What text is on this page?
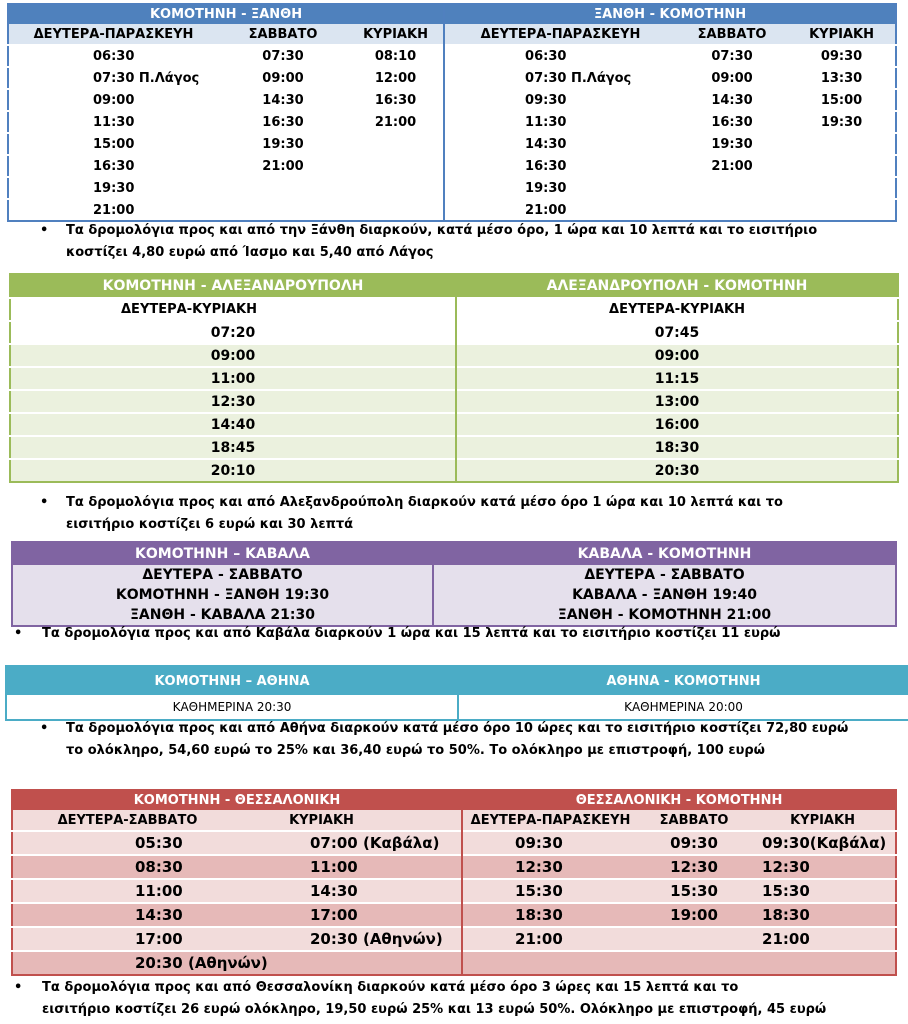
ΚΟΜΟΤΗΝΗ - ΞΑΝΘΗ			ΞΑΝΘΗ - ΚΟΜΟΤΗΝΗ		
ΔΕΥΤΕΡΑ-ΠΑΡΑΣΚΕΥΗ	ΣΑΒΒΑΤΟ	ΚΥΡΙΑΚΗ	ΔΕΥΤΕΡΑ-ΠΑΡΑΣΚΕΥΗ	ΣΑΒΒΑΤΟ	ΚΥΡΙΑΚΗ
06:30	07:30	08:10	06:30	07:30	09:30
07:30 Π.Λάγος	09:00	12:00	07:30 Π.Λάγος	09:00	13:30
09:00	14:30	16:30	09:30	14:30	15:00
11:30	16:30	21:00	11:30	16:30	19:30
15:00	19:30		14:30	19:30	
16:30	21:00		16:30	21:00	
19:30			19:30		
21:00			21:00		
• Τα δρομολόγια προς και από την Ξάνθη διαρκούν, κατά μέσο όρο, 1 ώρα και 10 λεπτά και το εισιτήριο
κοστίζει 4,80 ευρώ από Ίασμο και 5,40 από Λάγος
ΚΟΜΟΤΗΝΗ - ΑΛΕΞΑΝΔΡΟΥΠΟΛΗ	ΑΛΕΞΑΝΔΡΟΥΠΟΛΗ - ΚΟΜΟΤΗΝΗ
ΔΕΥΤΕΡΑ-ΚΥΡΙΑΚΗ	ΔΕΥΤΕΡΑ-ΚΥΡΙΑΚΗ
07:20	07:45
09:00	09:00
11:00	11:15
12:30	13:00
14:40	16:00
18:45	18:30
20:10	20:30
• Τα δρομολόγια προς και από Αλεξανδρούπολη διαρκούν κατά μέσο όρο 1 ώρα και 10 λεπτά και το
εισιτήριο κοστίζει 6 ευρώ και 30 λεπτά
ΚΟΜΟΤΗΝΗ – ΚΑΒΑΛΑ	ΚΑΒΑΛΑ - ΚΟΜΟΤΗΝΗ
ΔΕΥΤΕΡΑ - ΣΑΒΒΑΤΟ	ΔΕΥΤΕΡΑ - ΣΑΒΒΑΤΟ
ΚΟΜΟΤΗΝΗ - ΞΑΝΘΗ 19:30	ΚΑΒΑΛΑ - ΞΑΝΘΗ 19:40
ΞΑΝΘΗ - ΚΑΒΑΛΑ 21:30	ΞΑΝΘΗ - ΚΟΜΟΤΗΝΗ 21:00
• Τα δρομολόγια προς και από Καβάλα διαρκούν 1 ώρα και 15 λεπτά και το εισιτήριο κοστίζει 11 ευρώ
ΚΟΜΟΤΗΝΗ – ΑΘΗΝΑ	ΑΘΗΝΑ - ΚΟΜΟΤΗΝΗ
ΚΑΘΗΜΕΡΙΝΑ 20:30	ΚΑΘΗΜΕΡΙΝΑ 20:00
• Τα δρομολόγια προς και από Αθήνα διαρκούν κατά μέσο όρο 10 ώρες και το εισιτήριο κοστίζει 72,80 ευρώ
το ολόκληρο, 54,60 ευρώ το 25% και 36,40 ευρώ το 50%. Το ολόκληρο με επιστροφή, 100 ευρώ
ΚΟΜΟΤΗΝΗ - ΘΕΣΣΑΛΟΝΙΚΗ		ΘΕΣΣΑΛΟΝΙΚΗ - ΚΟΜΟΤΗΝΗ		
ΔΕΥΤΕΡΑ-ΣΑΒΒΑΤΟ	ΚΥΡΙΑΚΗ	ΔΕΥΤΕΡΑ-ΠΑΡΑΣΚΕΥΗ	ΣΑΒΒΑΤΟ	ΚΥΡΙΑΚΗ
05:30	07:00 (Καβάλα)	09:30	09:30	09:30(Καβάλα)
08:30	11:00	12:30	12:30	12:30
11:00	14:30	15:30	15:30	15:30
14:30	17:00	18:30	19:00	18:30
17:00	20:30 (Αθηνών)	21:00		21:00
20:30 (Αθηνών)				
• Τα δρομολόγια προς και από Θεσσαλονίκη διαρκούν κατά μέσο όρο 3 ώρες και 15 λεπτά και το
εισιτήριο κοστίζει 26 ευρώ ολόκληρο, 19,50 ευρώ 25% και 13 ευρώ 50%. Ολόκληρο με επιστροφή, 45 ευρώ
